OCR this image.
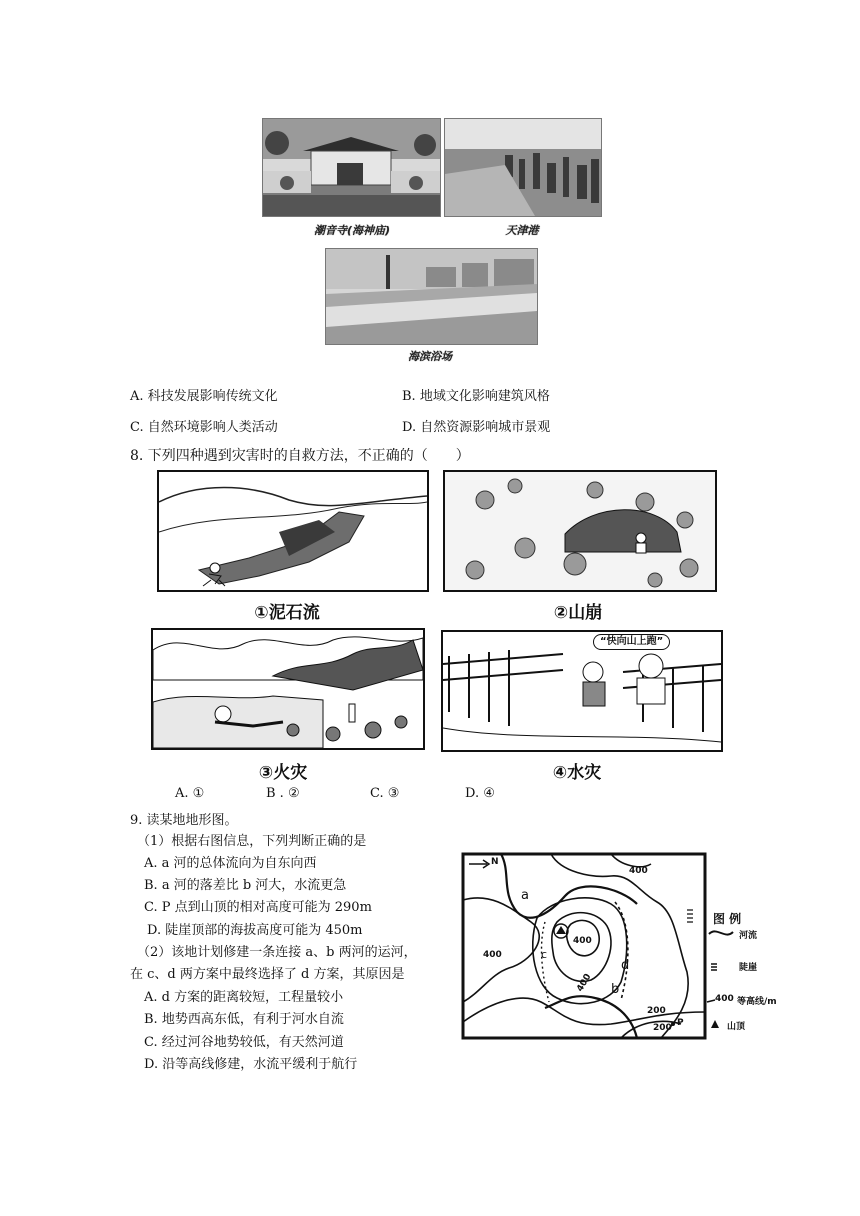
潮音寺(海神庙)	天津港
海滨浴场
A. 科技发展影响传统文化	B. 地域文化影响建筑风格
C. 自然环境影响人类活动	D. 自然资源影响城市景观
8. 下列四种遇到灾害时的自救方法，不正确的（　　）
①泥石流	②山崩
③火灾
“快向山上跑”
④水灾
A. ①	B . ②	C. ③	D. ④
9. 读某地地形图。
（1）根据右图信息，下列判断正确的是
A. a 河的总体流向为自东向西
B. a 河的落差比 b 河大，水流更急
C. P 点到山顶的相对高度可能为 290m
D. 陡崖顶部的海拔高度可能为 450m
（2）该地计划修建一条连接 a、b 两河的运河，
在 c、d 两方案中最终选择了 d 方案，其原因是
A. d 方案的距离较短，工程量较小
B. 地势西高东低，有利于河水自流
C. 经过河谷地势较低，有天然河道
D. 沿等高线修建，水流平缓利于航行
N
a
b
c
d
P
400
400
400
400
200
200
图 例
河流
陡崖
400 等高线/m
山顶
